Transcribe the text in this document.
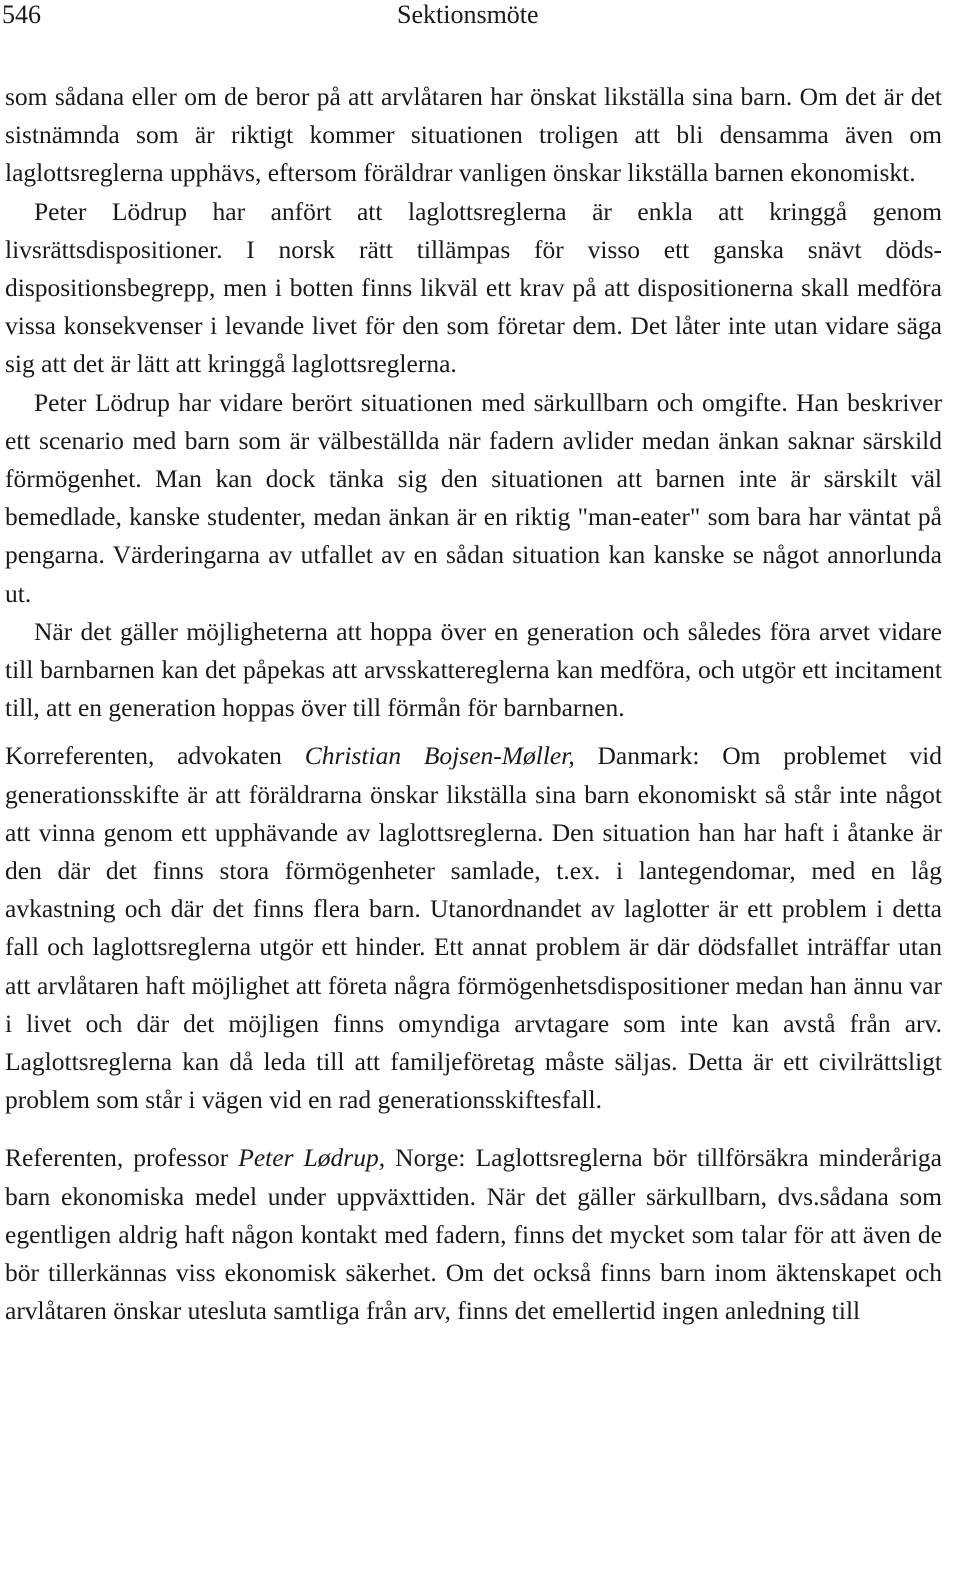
546	Sektionsmöte

som sådana eller om de beror på att arvlåtaren har önskat likställa sina barn. Om det är det sistnämnda som är riktigt kommer situationen troligen att bli densamma även om laglottsreglerna upphävs, eftersom föräldrar vanligen önskar likställa barnen ekonomiskt.

Peter Lödrup har anfört att laglottsreglerna är enkla att kringgå genom livsrättsdispositioner. I norsk rätt tillämpas för visso ett ganska snävt dödsdispositionsbegrepp, men i botten finns likväl ett krav på att dispositionerna skall medföra vissa konsekvenser i levande livet för den som företar dem. Det låter inte utan vidare säga sig att det är lätt att kringgå laglottsreglerna.

Peter Lödrup har vidare berört situationen med särkullbarn och omgifte. Han beskriver ett scenario med barn som är välbeställda när fadern avlider medan änkan saknar särskild förmögenhet. Man kan dock tänka sig den situationen att barnen inte är särskilt väl bemedlade, kanske studenter, medan änkan är en riktig "man-eater" som bara har väntat på pengarna. Värderingarna av utfallet av en sådan situation kan kanske se något annorlunda ut.

När det gäller möjligheterna att hoppa över en generation och således föra arvet vidare till barnbarnen kan det påpekas att arvsskattereglerna kan medföra, och utgör ett incitament till, att en generation hoppas över till förmån för barnbarnen.

Korreferenten, advokaten Christian Bojsen-Møller, Danmark: Om problemet vid generationsskifte är att föräldrarna önskar likställa sina barn ekonomiskt så står inte något att vinna genom ett upphävande av laglottsreglerna. Den situation han har haft i åtanke är den där det finns stora förmögenheter samlade, t.ex. i lantegendomar, med en låg avkastning och där det finns flera barn. Utanordnandet av laglotter är ett problem i detta fall och laglottsreglerna utgör ett hinder. Ett annat problem är där dödsfallet inträffar utan att arvlåtaren haft möjlighet att företa några förmögenhetsdispositioner medan han ännu var i livet och där det möjligen finns omyndiga arvtagare som inte kan avstå från arv. Laglottsreglerna kan då leda till att familjeföretag måste säljas. Detta är ett civilrättsligt problem som står i vägen vid en rad generationsskiftesfall.

Referenten, professor Peter Lødrup, Norge: Laglottsreglerna bör tillförsäkra minderåriga barn ekonomiska medel under uppväxttiden. När det gäller särkullbarn, dvs.sådana som egentligen aldrig haft någon kontakt med fadern, finns det mycket som talar för att även de bör tillerkännas viss ekonomisk säkerhet. Om det också finns barn inom äktenskapet och arvlåtaren önskar utesluta samtliga från arv, finns det emellertid ingen anledning till
